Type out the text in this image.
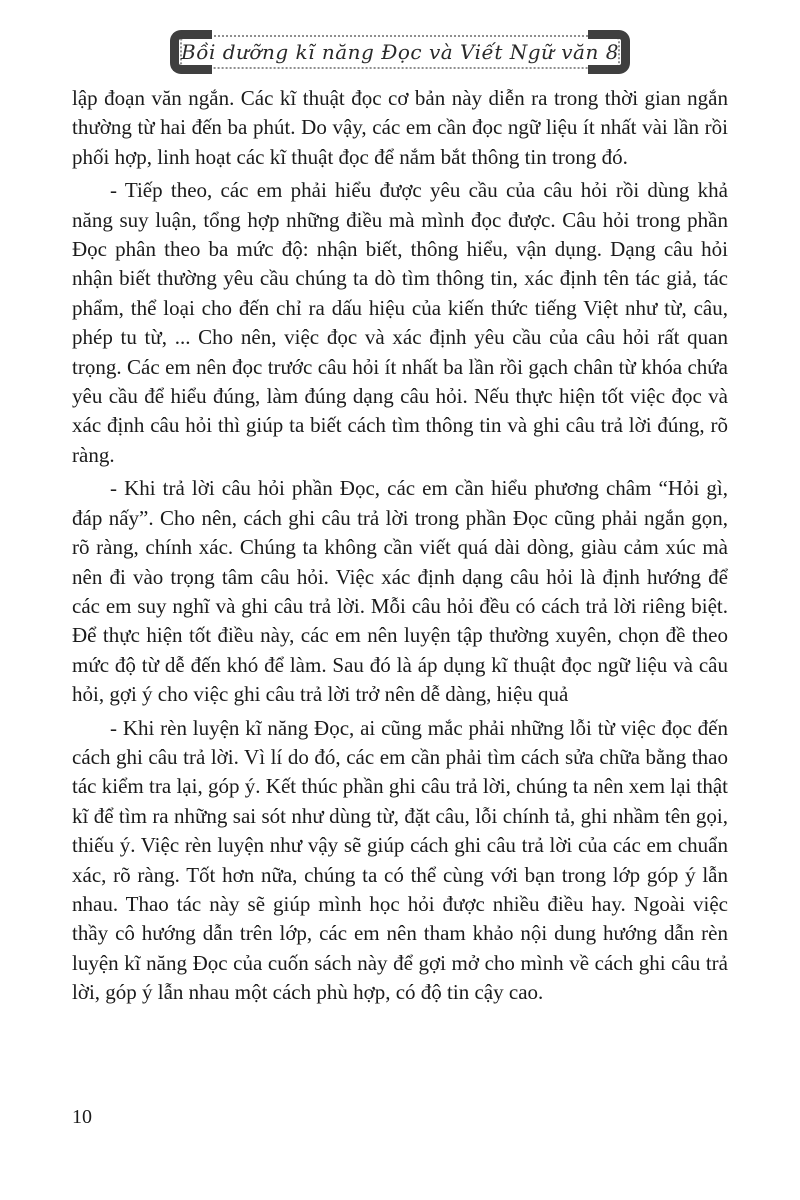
Bồi dưỡng kĩ năng Đọc và Viết Ngữ văn 8

lập đoạn văn ngắn. Các kĩ thuật đọc cơ bản này diễn ra trong thời gian ngắn thường từ hai đến ba phút. Do vậy, các em cần đọc ngữ liệu ít nhất vài lần rồi phối hợp, linh hoạt các kĩ thuật đọc để nắm bắt thông tin trong đó.

- Tiếp theo, các em phải hiểu được yêu cầu của câu hỏi rồi dùng khả năng suy luận, tổng hợp những điều mà mình đọc được. Câu hỏi trong phần Đọc phân theo ba mức độ: nhận biết, thông hiểu, vận dụng. Dạng câu hỏi nhận biết thường yêu cầu chúng ta dò tìm thông tin, xác định tên tác giả, tác phẩm, thể loại cho đến chỉ ra dấu hiệu của kiến thức tiếng Việt như từ, câu, phép tu từ, ... Cho nên, việc đọc và xác định yêu cầu của câu hỏi rất quan trọng. Các em nên đọc trước câu hỏi ít nhất ba lần rồi gạch chân từ khóa chứa yêu cầu để hiểu đúng, làm đúng dạng câu hỏi. Nếu thực hiện tốt việc đọc và xác định câu hỏi thì giúp ta biết cách tìm thông tin và ghi câu trả lời đúng, rõ ràng.

- Khi trả lời câu hỏi phần Đọc, các em cần hiểu phương châm “Hỏi gì, đáp nấy”. Cho nên, cách ghi câu trả lời trong phần Đọc cũng phải ngắn gọn, rõ ràng, chính xác. Chúng ta không cần viết quá dài dòng, giàu cảm xúc mà nên đi vào trọng tâm câu hỏi. Việc xác định dạng câu hỏi là định hướng để các em suy nghĩ và ghi câu trả lời. Mỗi câu hỏi đều có cách trả lời riêng biệt. Để thực hiện tốt điều này, các em nên luyện tập thường xuyên, chọn đề theo mức độ từ dễ đến khó để làm. Sau đó là áp dụng kĩ thuật đọc ngữ liệu và câu hỏi, gợi ý cho việc ghi câu trả lời trở nên dễ dàng, hiệu quả

- Khi rèn luyện kĩ năng Đọc, ai cũng mắc phải những lỗi từ việc đọc đến cách ghi câu trả lời. Vì lí do đó, các em cần phải tìm cách sửa chữa bằng thao tác kiểm tra lại, góp ý. Kết thúc phần ghi câu trả lời, chúng ta nên xem lại thật kĩ để tìm ra những sai sót như dùng từ, đặt câu, lỗi chính tả, ghi nhầm tên gọi, thiếu ý. Việc rèn luyện như vậy sẽ giúp cách ghi câu trả lời của các em chuẩn xác, rõ ràng. Tốt hơn nữa, chúng ta có thể cùng với bạn trong lớp góp ý lẫn nhau. Thao tác này sẽ giúp mình học hỏi được nhiều điều hay. Ngoài việc thầy cô hướng dẫn trên lớp, các em nên tham khảo nội dung hướng dẫn rèn luyện kĩ năng Đọc của cuốn sách này để gợi mở cho mình về cách ghi câu trả lời, góp ý lẫn nhau một cách phù hợp, có độ tin cậy cao.

10
